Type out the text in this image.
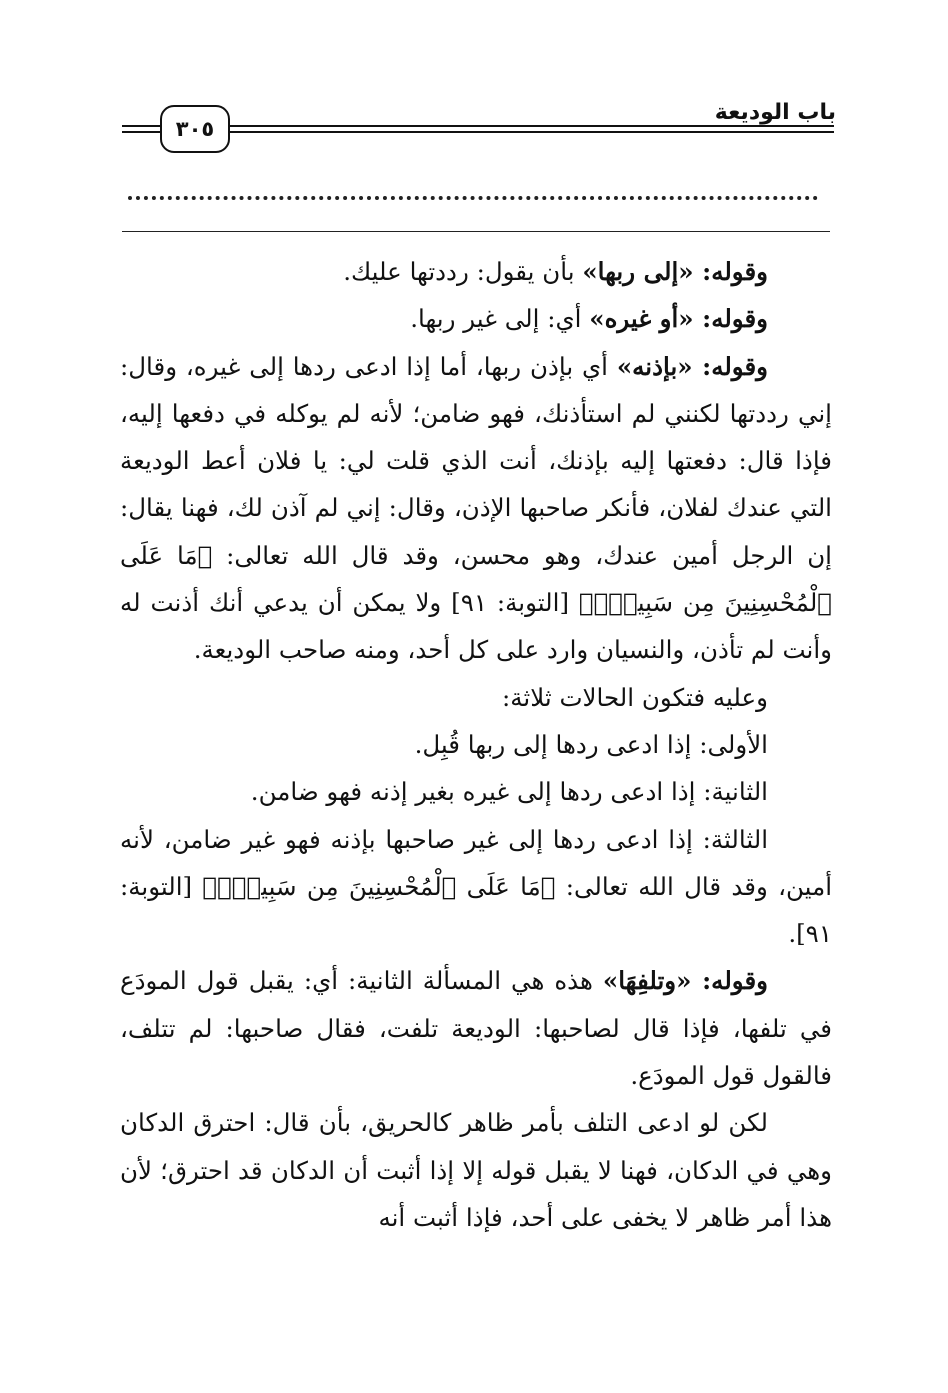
باب الوديعة
٣٠٥

وقوله: «إلى ربها» بأن يقول: رددتها عليك.

وقوله: «أو غيره» أي: إلى غير ربها.

وقوله: «بإذنه» أي بإذن ربها، أما إذا ادعى ردها إلى غيره، وقال: إني رددتها لكنني لم استأذنك، فهو ضامن؛ لأنه لم يوكله في دفعها إليه، فإذا قال: دفعتها إليه بإذنك، أنت الذي قلت لي: يا فلان أعط الوديعة التي عندك لفلان، فأنكر صاحبها الإذن، وقال: إني لم آذن لك، فهنا يقال: إن الرجل أمين عندك، وهو محسن، وقد قال الله تعالى: ﴿مَا عَلَى ٱلْمُحْسِنِينَ مِن سَبِيلٍۚ﴾ [التوبة: ٩١] ولا يمكن أن يدعي أنك أذنت له وأنت لم تأذن، والنسيان وارد على كل أحد، ومنه صاحب الوديعة.

وعليه فتكون الحالات ثلاثة:

الأولى: إذا ادعى ردها إلى ربها قُبِل.

الثانية: إذا ادعى ردها إلى غيره بغير إذنه فهو ضامن.

الثالثة: إذا ادعى ردها إلى غير صاحبها بإذنه فهو غير ضامن، لأنه أمين، وقد قال الله تعالى: ﴿مَا عَلَى ٱلْمُحْسِنِينَ مِن سَبِيلٍۚ﴾ [التوبة: ٩١].

وقوله: «وتلفِهَا» هذه هي المسألة الثانية: أي: يقبل قول المودَع في تلفها، فإذا قال لصاحبها: الوديعة تلفت، فقال صاحبها: لم تتلف، فالقول قول المودَع.

لكن لو ادعى التلف بأمر ظاهر كالحريق، بأن قال: احترق الدكان وهي في الدكان، فهنا لا يقبل قوله إلا إذا أثبت أن الدكان قد احترق؛ لأن هذا أمر ظاهر لا يخفى على أحد، فإذا أثبت أنه
